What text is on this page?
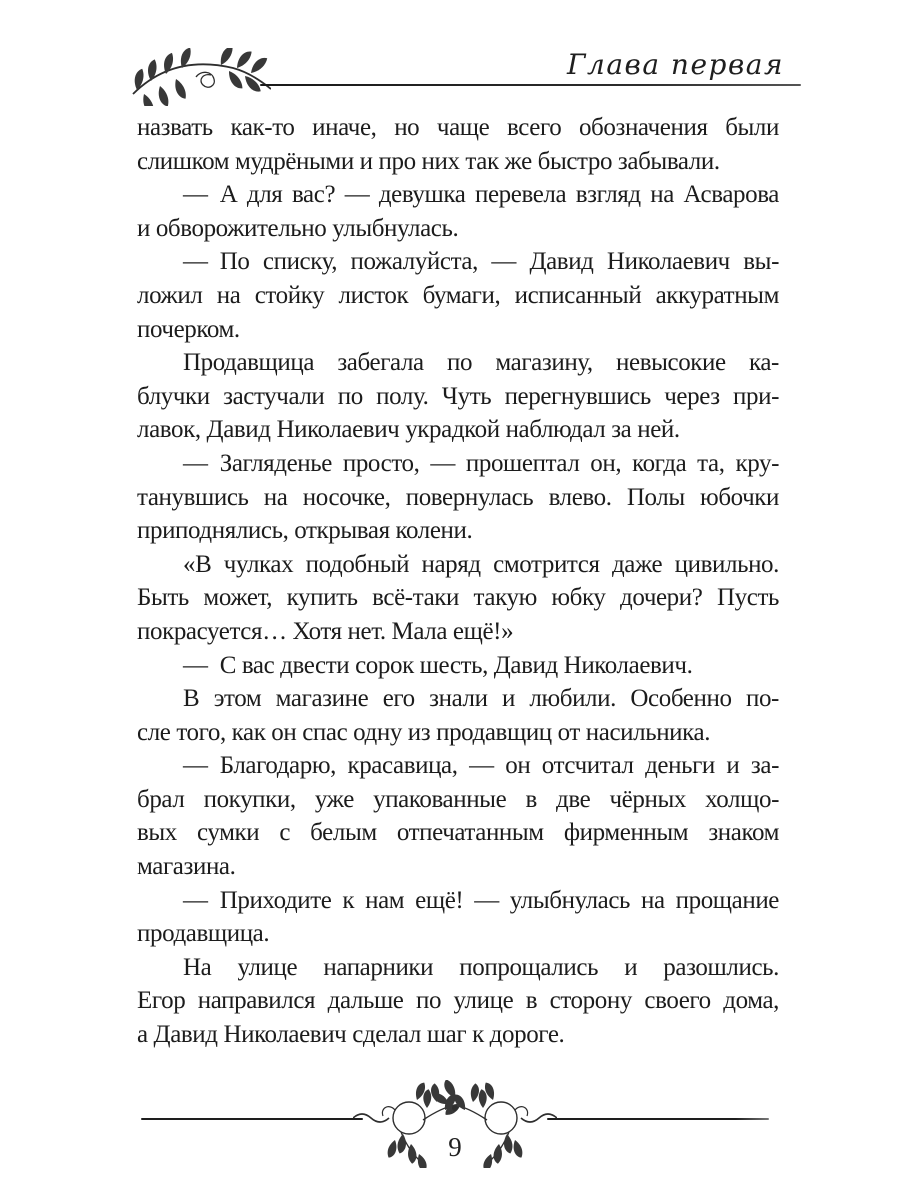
Глава первая
назвать как-то иначе, но чаще всего обозначения были
слишком мудрёными и про них так же быстро забывали.
— А для вас? — девушка перевела взгляд на Асварова
и обворожительно улыбнулась.
— По списку, пожалуйста, — Давид Николаевич вы-
ложил на стойку листок бумаги, исписанный аккуратным
почерком.
Продавщица забегала по магазину, невысокие ка-
блучки застучали по полу. Чуть перегнувшись через при-
лавок, Давид Николаевич украдкой наблюдал за ней.
— Загляденье просто, — прошептал он, когда та, кру-
танувшись на носочке, повернулась влево. Полы юбочки
приподнялись, открывая колени.
«В чулках подобный наряд смотрится даже цивильно.
Быть может, купить всё-таки такую юбку дочери? Пусть
покрасуется… Хотя нет. Мала ещё!»
— С вас двести сорок шесть, Давид Николаевич.
В этом магазине его знали и любили. Особенно по-
сле того, как он спас одну из продавщиц от насильника.
— Благодарю, красавица, — он отсчитал деньги и за-
брал покупки, уже упакованные в две чёрных холщо-
вых сумки с белым отпечатанным фирменным знаком
магазина.
— Приходите к нам ещё! — улыбнулась на прощание
продавщица.
На улице напарники попрощались и разошлись.
Егор направился дальше по улице в сторону своего дома,
а Давид Николаевич сделал шаг к дороге.
9
